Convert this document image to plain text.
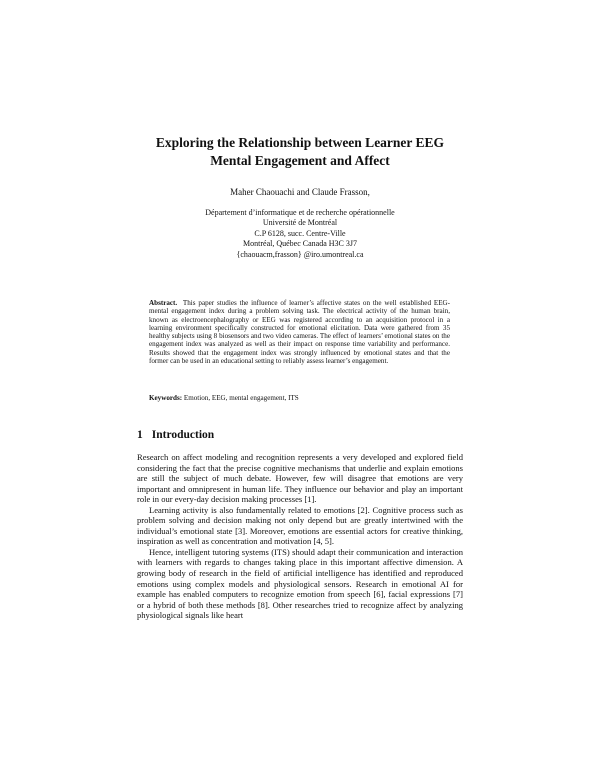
Exploring the Relationship between Learner EEG
Mental Engagement and Affect
Maher Chaouachi and Claude Frasson,
Département d’informatique et de recherche opérationnelle
Université de Montréal
C.P 6128, succ. Centre-Ville
Montréal, Québec Canada H3C 3J7
{chaouacm,frasson} @iro.umontreal.ca

Abstract. This paper studies the influence of learner’s affective states on the well established EEG-mental engagement index during a problem solving task. The electrical activity of the human brain, known as electroencephalography or EEG was registered according to an acquisition protocol in a learning environment specifically constructed for emotional elicitation. Data were gathered from 35 healthy subjects using 8 biosensors and two video cameras. The effect of learners’ emotional states on the engagement index was analyzed as well as their impact on response time variability and performance. Results showed that the engagement index was strongly influenced by emotional states and that the former can be used in an educational setting to reliably assess learner’s engagement.

Keywords: Emotion, EEG, mental engagement, ITS

1 Introduction

Research on affect modeling and recognition represents a very developed and explored field considering the fact that the precise cognitive mechanisms that underlie and explain emotions are still the subject of much debate. However, few will disagree that emotions are very important and omnipresent in human life. They influence our behavior and play an important role in our every-day decision making processes [1].

Learning activity is also fundamentally related to emotions [2]. Cognitive process such as problem solving and decision making not only depend but are greatly intertwined with the individual’s emotional state [3]. Moreover, emotions are essential actors for creative thinking, inspiration as well as concentration and motivation [4, 5].

Hence, intelligent tutoring systems (ITS) should adapt their communication and interaction with learners with regards to changes taking place in this important affective dimension. A growing body of research in the field of artificial intelligence has identified and reproduced emotions using complex models and physiological sensors. Research in emotional AI for example has enabled computers to recognize emotion from speech [6], facial expressions [7] or a hybrid of both these methods [8]. Other researches tried to recognize affect by analyzing physiological signals like heart
